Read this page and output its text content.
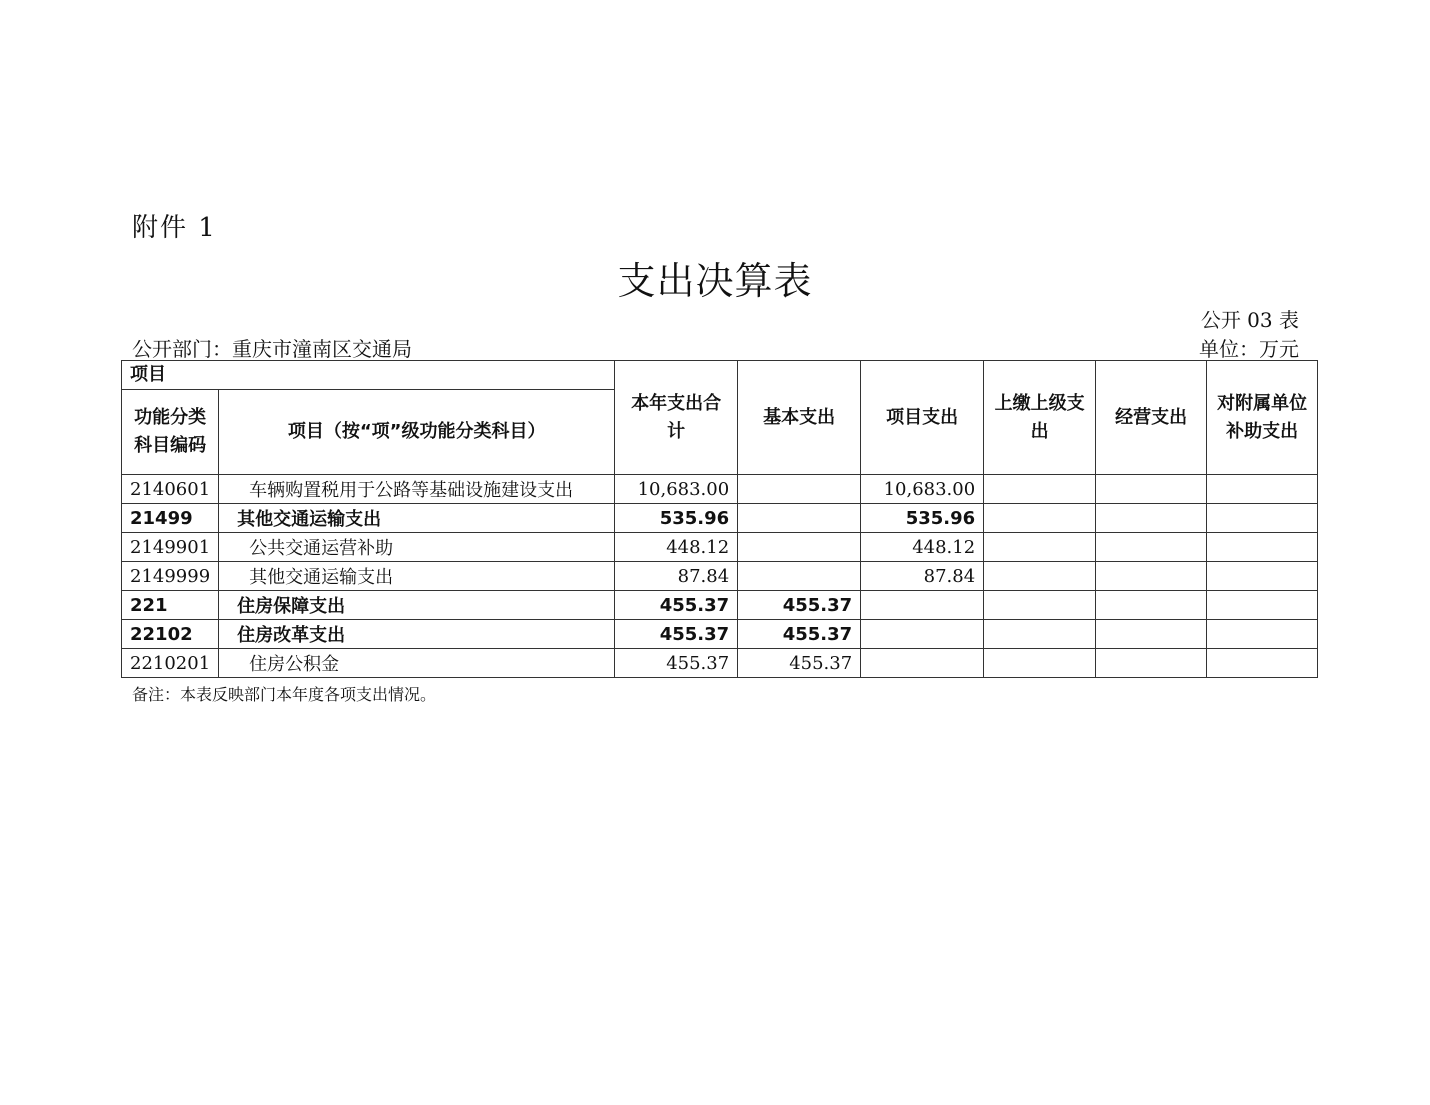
附件 1
支出决算表
公开 03 表
公开部门：重庆市潼南区交通局	单位：万元
项目		本年支出合计	基本支出	项目支出	上缴上级支出	经营支出	对附属单位补助支出
功能分类科目编码	项目（按“项”级功能分类科目）						
2140601	车辆购置税用于公路等基础设施建设支出	10,683.00		10,683.00			
21499	其他交通运输支出	535.96		535.96			
2149901	公共交通运营补助	448.12		448.12			
2149999	其他交通运输支出	87.84		87.84			
221	住房保障支出	455.37	455.37				
22102	住房改革支出	455.37	455.37				
2210201	住房公积金	455.37	455.37				
备注：本表反映部门本年度各项支出情况。
